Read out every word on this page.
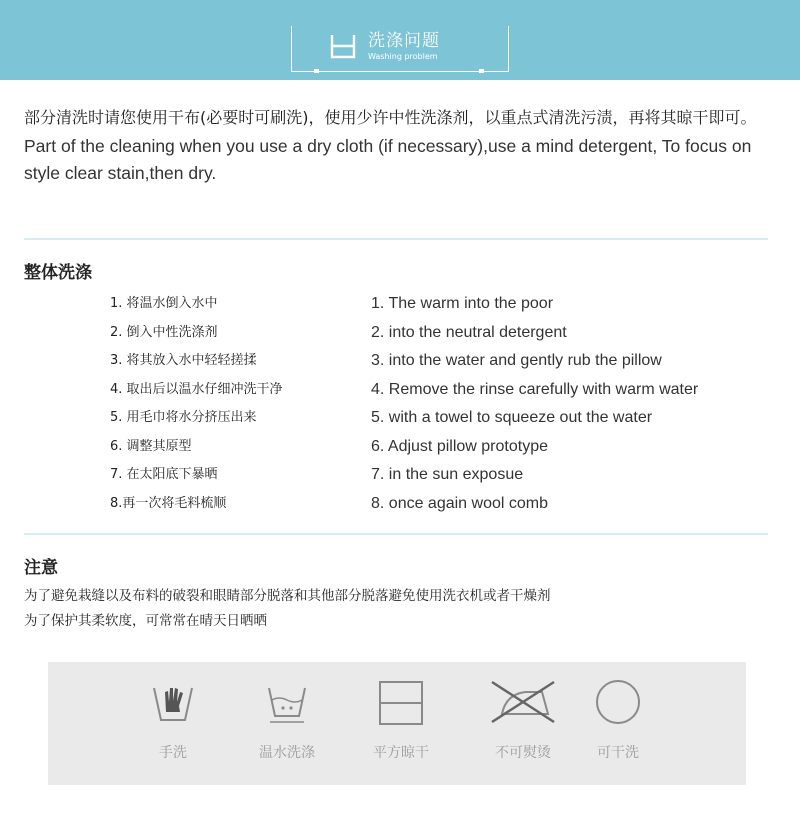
洗涤问题
Washing problem

部分清洗时请您使用干布(必要时可刷洗)，使用少许中性洗涤剂，以重点式清洗污渍，再将其晾干即可。

Part of the cleaning when you use a dry cloth (if necessary),use a mind detergent, To focus on style clear stain,then dry.

整体洗涤
1. 将温水倒入水中
2. 倒入中性洗涤剂
3. 将其放入水中轻轻搓揉
4. 取出后以温水仔细冲洗干净
5. 用毛巾将水分挤压出来
6. 调整其原型
7. 在太阳底下暴晒
8.再一次将毛料梳顺
1. The warm into the poor
2. into the neutral detergent
3. into the water and gently rub the pillow
4. Remove the rinse carefully with warm water
5. with a towel to squeeze out the water
6. Adjust pillow prototype
7. in the sun exposue
8. once again wool comb
注意

为了避免栽缝以及布料的破裂和眼睛部分脱落和其他部分脱落避免使用洗衣机或者干燥剂

为了保护其柔软度，可常常在晴天日晒晒

手洗	温水洗涤	平方晾干	不可熨烫	可干洗
